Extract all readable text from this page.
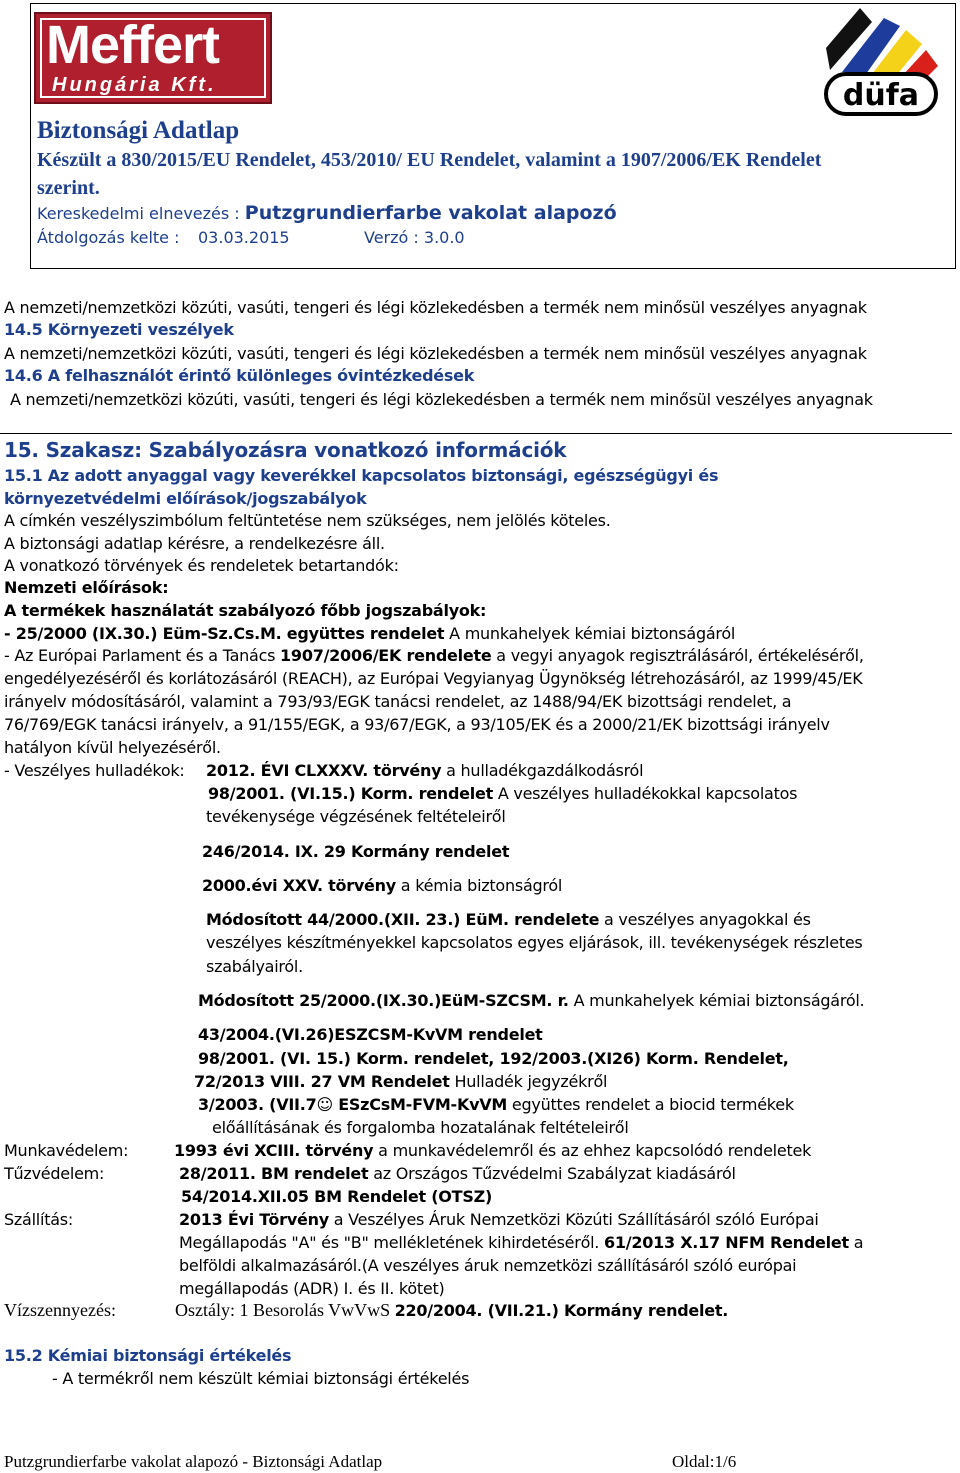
Meffert
Hungária Kft.	düfa
Biztonsági Adatlap
Készült a 830/2015/EU Rendelet, 453/2010/ EU Rendelet, valamint a 1907/2006/EK Rendelet
szerint.
Kereskedelmi elnevezés : Putzgrundierfarbe vakolat alapozó
Átdolgozás kelte : 03.03.2015	Verzó : 3.0.0
A nemzeti/nemzetközi közúti, vasúti, tengeri és légi közlekedésben a termék nem minősül veszélyes anyagnak
14.5 Környezeti veszélyek
A nemzeti/nemzetközi közúti, vasúti, tengeri és légi közlekedésben a termék nem minősül veszélyes anyagnak
14.6 A felhasználót érintő különleges óvintézkedések
A nemzeti/nemzetközi közúti, vasúti, tengeri és légi közlekedésben a termék nem minősül veszélyes anyagnak
15. Szakasz: Szabályozásra vonatkozó információk
15.1 Az adott anyaggal vagy keverékkel kapcsolatos biztonsági, egészségügyi és
környezetvédelmi előírások/jogszabályok
A címkén veszélyszimbólum feltüntetése nem szükséges, nem jelölés köteles.
A biztonsági adatlap kérésre, a rendelkezésre áll.
A vonatkozó törvények és rendeletek betartandók:
Nemzeti előírások:
A termékek használatát szabályozó főbb jogszabályok:
- 25/2000 (IX.30.) Eüm-Sz.Cs.M. együttes rendelet A munkahelyek kémiai biztonságáról
- Az Európai Parlament és a Tanács 1907/2006/EK rendelete a vegyi anyagok regisztrálásáról, értékeléséről,
engedélyezéséről és korlátozásáról (REACH), az Európai Vegyianyag Ügynökség létrehozásáról, az 1999/45/EK
irányelv módosításáról, valamint a 793/93/EGK tanácsi rendelet, az 1488/94/EK bizottsági rendelet, a
76/769/EGK tanácsi irányelv, a 91/155/EGK, a 93/67/EGK, a 93/105/EK és a 2000/21/EK bizottsági irányelv
hatályon kívül helyezéséről.
- Veszélyes hulladékok: 2012. ÉVI CLXXXV. törvény a hulladékgazdálkodásról
98/2001. (VI.15.) Korm. rendelet A veszélyes hulladékokkal kapcsolatos
tevékenysége végzésének feltételeiről
246/2014. IX. 29 Kormány rendelet
2000.évi XXV. törvény a kémia biztonságról
Módosított 44/2000.(XII. 23.) EüM. rendelete a veszélyes anyagokkal és
veszélyes készítményekkel kapcsolatos egyes eljárások, ill. tevékenységek részletes
szabályairól.
Módosított 25/2000.(IX.30.)EüM-SZCSM. r. A munkahelyek kémiai biztonságáról.
43/2004.(VI.26)ESZCSM-KvVM rendelet
98/2001. (VI. 15.) Korm. rendelet, 192/2003.(XI26) Korm. Rendelet,
72/2013 VIII. 27 VM Rendelet Hulladék jegyzékről
3/2003. (VII.7☺ ESzCsM-FVM-KvVM együttes rendelet a biocid termékek
előállításának és forgalomba hozatalának feltételeiről
Munkavédelem:	1993 évi XCIII. törvény a munkavédelemről és az ehhez kapcsolódó rendeletek
Tűzvédelem:	28/2011. BM rendelet az Országos Tűzvédelmi Szabályzat kiadásáról
54/2014.XII.05 BM Rendelet (OTSZ)
Szállítás:	2013 Évi Törvény a Veszélyes Áruk Nemzetközi Közúti Szállításáról szóló Európai
Megállapodás "A" és "B" mellékletének kihirdetéséről. 61/2013 X.17 NFM Rendelet a
belföldi alkalmazásáról.(A veszélyes áruk nemzetközi szállításáról szóló európai
megállapodás (ADR) I. és II. kötet)
Vízszennyezés:	Osztály: 1 Besorolás VwVwS 220/2004. (VII.21.) Kormány rendelet.
15.2 Kémiai biztonsági értékelés
- A termékről nem készült kémiai biztonsági értékelés
Putzgrundierfarbe vakolat alapozó - Biztonsági Adatlap	Oldal:1/6
